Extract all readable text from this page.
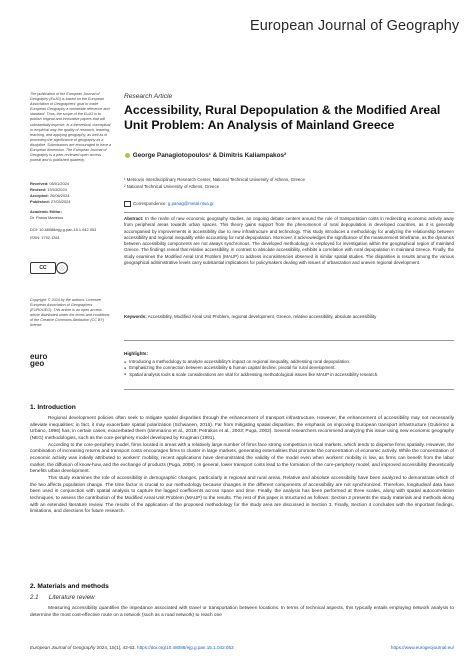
European Journal of Geography

The publication of the European Journal of Geography (EuJG) is based on the European Association of Geographers' goal to make European Geography a worldwide reference and standard. Thus, the scope of the EuJG is to publish original and innovative papers that will substantially improve, in a theoretical, conceptual, or empirical way the quality of research, learning, teaching, and applying geography, as well as in promoting the significance of geography as a discipline. Submissions are encouraged to have a European dimension. The European Journal of Geography is a peer-reviewed open access journal and is published quarterly.

Received: 05/01/2024
Revised: 19/03/2024
Accepted: 26/06/2024
Published: 27/03/2024
Academic Editor:
Dr. Panos Manetos
DOI: 10.48088/ejg.g.pan.15.1.042.053
ISSN: 1792-1341
CC	ⓘ

Copyright: © 2024 by the authors. Licensee European Association of Geographers (EUROGEO). This article is an open access article distributed under the terms and conditions of the Creative Commons Attribution (CC BY) license.

euro
geo
Research Article
Accessibility, Rural Depopulation & the Modified Areal Unit Problem: An Analysis of Mainland Greece
George Panagiotopoulos¹ & Dimitris Kaliampakos²
¹ Metsovio Interdisciplinary Research Center, National Technical University of Athens, Greece
² National Technical University of Athens, Greece
Correspondence: g.panag@metal.ntua.gr
Abstract: In the realm of new economic geography studies, an ongoing debate centers around the role of transportation costs in redirecting economic activity away from peripheral areas towards urban spaces. This theory gains support from the phenomenon of rural depopulation in developed countries, as it is generally accompanied by improvements in accessibility due to new infrastructure and technology. This study introduces a methodology for analyzing the relationship between accessibility and regional inequality while accounting for rural depopulation. Moreover, it acknowledges the significance of the measurement timeframe, as the dynamics between accessibility components are not always synchronous. The developed methodology is employed for investigation within the geographical region of mainland Greece. The findings reveal that relative accessibility, in contrast to absolute accessibility, exhibits a correlation with rural depopulation in mainland Greece. Finally, the study examines the Modified Areal Unit Problem (MAUP) to address inconsistencies observed in similar spatial studies. The disparities in results among the various geographical administrative levels carry substantial implications for policymakers dealing with issues of urbanization and uneven regional development.
Keywords: Accessibility, Modified Areal Unit Problem, regional development, Greece, relative accessibility, absolute accessibility
Highlights:
● Introducing a methodology to analyze accessibility's impact on regional inequality, addressing rural depopulation.
● Emphasizing the connection between accessibility & human capital decline, pivotal for rural development.
● Spatial analysis tools & scale considerations are vital for addressing methodological issues like MAUP in accessibility research.
1. Introduction

Regional development policies often seek to mitigate spatial disparities through the enhancement of transport infrastructure. However, the enhancement of accessibility may not necessarily alleviate inequalities; in fact, it may exacerbate spatial polarization (Schwanen, 2016). Far from mitigating spatial disparities, the emphasis on improving European transport infrastructure (Gutiérrez & Urbano, 1996) has, in certain cases, exacerbated them (Iammarino et al., 2019; Petrakos et al., 2003; Puga, 2002). Several researchers recommend analyzing this issue using new economic geography (NEG) methodologies, such as the core-periphery model developed by Krugman (1991).

According to the core-periphery model, firms located in areas with a relatively large number of firms face strong competition in local markets, which tends to disperse firms spatially. However, the combination of increasing returns and transport costs encourages firms to cluster in large markets, generating externalities that promote the concentration of economic activity. While the concentration of economic activity was initially attributed to workers' mobility, recent applications have demonstrated the validity of the model even when workers' mobility is low, as firms can benefit from the labor market, the diffusion of know-how, and the exchange of products (Puga, 2008). In general, lower transport costs lead to the formation of the core-periphery model, and improved accessibility theoretically benefits urban development.

This study examines the role of accessibility in demographic changes, particularly in regional and rural areas. Relative and absolute accessibility have been analyzed to demonstrate which of the two affects population change. The time factor is crucial to our methodology because changes in the different components of accessibility are not synchronized. Therefore, longitudinal data have been used in conjunction with spatial analysis to capture the lagged coefficients across space and time. Finally, the analysis has been performed at three scales, along with spatial autocorrelation techniques, to assess the contribution of the Modified Areal Unit Problem (MAUP) to the results. The rest of this paper is structured as follows: Section 2 presents the study materials and methods along with an extended literature review. The results of the application of the proposed methodology for the study area are discussed in Section 3. Finally, Section 4 concludes with the important findings, limitations, and directions for future research.

2. Materials and methods
2.1      Literature review

Measuring accessibility quantifies the impedance associated with travel or transportation between locations. In terms of technical aspects, this typically entails employing network analysis to determine the most cost-effective route on a network (such as a road network) to reach one

European Journal of Geography 2024, 15(1), 42-53. https://doi.org/10.48088/ejg.g.pan.15.1.042.053	https://www.eurogeojournal.eu/
